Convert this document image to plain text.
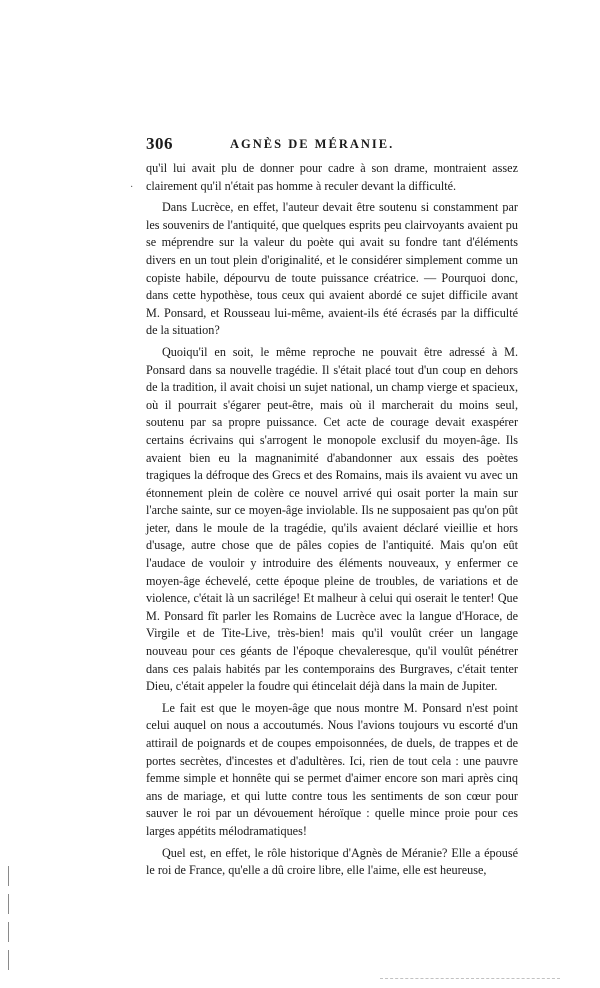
306	AGNÈS DE MÉRANIE.
·

qu'il lui avait plu de donner pour cadre à son drame, montraient assez clairement qu'il n'était pas homme à reculer devant la difficulté.

Dans Lucrèce, en effet, l'auteur devait être soutenu si constamment par les souvenirs de l'antiquité, que quelques esprits peu clairvoyants avaient pu se méprendre sur la valeur du poète qui avait su fondre tant d'éléments divers en un tout plein d'originalité, et le considérer simplement comme un copiste habile, dépourvu de toute puissance créatrice. — Pourquoi donc, dans cette hypothèse, tous ceux qui avaient abordé ce sujet difficile avant M. Ponsard, et Rousseau lui-même, avaient-ils été écrasés par la difficulté de la situation?

Quoiqu'il en soit, le même reproche ne pouvait être adressé à M. Ponsard dans sa nouvelle tragédie. Il s'était placé tout d'un coup en dehors de la tradition, il avait choisi un sujet national, un champ vierge et spacieux, où il pourrait s'égarer peut-être, mais où il marcherait du moins seul, soutenu par sa propre puissance. Cet acte de courage devait exaspérer certains écrivains qui s'arrogent le monopole exclusif du moyen-âge. Ils avaient bien eu la magnanimité d'abandonner aux essais des poètes tragiques la défroque des Grecs et des Romains, mais ils avaient vu avec un étonnement plein de colère ce nouvel arrivé qui osait porter la main sur l'arche sainte, sur ce moyen-âge inviolable. Ils ne supposaient pas qu'on pût jeter, dans le moule de la tragédie, qu'ils avaient déclaré vieillie et hors d'usage, autre chose que de pâles copies de l'antiquité. Mais qu'on eût l'audace de vouloir y introduire des éléments nouveaux, y enfermer ce moyen-âge échevelé, cette époque pleine de troubles, de variations et de violence, c'était là un sacrilége! Et malheur à celui qui oserait le tenter! Que M. Ponsard fît parler les Romains de Lucrèce avec la langue d'Horace, de Virgile et de Tite-Live, très-bien! mais qu'il voulût créer un langage nouveau pour ces géants de l'époque chevaleresque, qu'il voulût pénétrer dans ces palais habités par les contemporains des Burgraves, c'était tenter Dieu, c'était appeler la foudre qui étincelait déjà dans la main de Jupiter.

Le fait est que le moyen-âge que nous montre M. Ponsard n'est point celui auquel on nous a accoutumés. Nous l'avions toujours vu escorté d'un attirail de poignards et de coupes empoisonnées, de duels, de trappes et de portes secrètes, d'incestes et d'adultères. Ici, rien de tout cela : une pauvre femme simple et honnête qui se permet d'aimer encore son mari après cinq ans de mariage, et qui lutte contre tous les sentiments de son cœur pour sauver le roi par un dévouement héroïque : quelle mince proie pour ces larges appétits mélodramatiques!

Quel est, en effet, le rôle historique d'Agnès de Méranie? Elle a épousé le roi de France, qu'elle a dû croire libre, elle l'aime, elle est heureuse,
